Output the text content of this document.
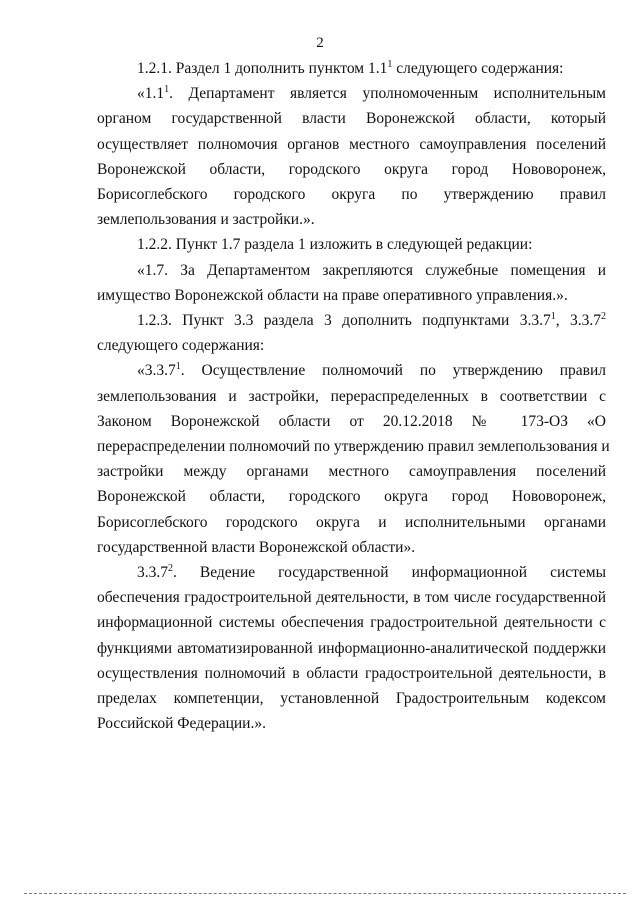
2
1.2.1. Раздел 1 дополнить пунктом $1.1^1$ следующего содержания:
«$1.1^1$. Департамент является уполномоченным исполнительным
органом государственной власти Воронежской области, который
осуществляет полномочия органов местного самоуправления поселений
Воронежской области, городского округа город Нововоронеж,
Борисоглебского городского округа по утверждению правил
землепользования и застройки.».
1.2.2. Пункт 1.7 раздела 1 изложить в следующей редакции:
«1.7. За Департаментом закрепляются служебные помещения и
имущество Воронежской области на праве оперативного управления.».
1.2.3. Пункт 3.3 раздела 3 дополнить подпунктами 3.3.7$^1$, 3.3.7$^2$
следующего содержания:
«3.3.7$^1$. Осуществление полномочий по утверждению правил
землепользования и застройки, перераспределенных в соответствии с
Законом Воронежской области от 20.12.2018 № 173-ОЗ «О
перераспределении полномочий по утверждению правил землепользования и
застройки между органами местного самоуправления поселений
Воронежской области, городского округа город Нововоронеж,
Борисоглебского городского округа и исполнительными органами
государственной власти Воронежской области».
3.3.7$^2$. Ведение государственной информационной системы
обеспечения градостроительной деятельности, в том числе государственной
информационной системы обеспечения градостроительной деятельности с
функциями автоматизированной информационно-аналитической поддержки
осуществления полномочий в области градостроительной деятельности, в
пределах компетенции, установленной Градостроительным кодексом
Российской Федерации.».
